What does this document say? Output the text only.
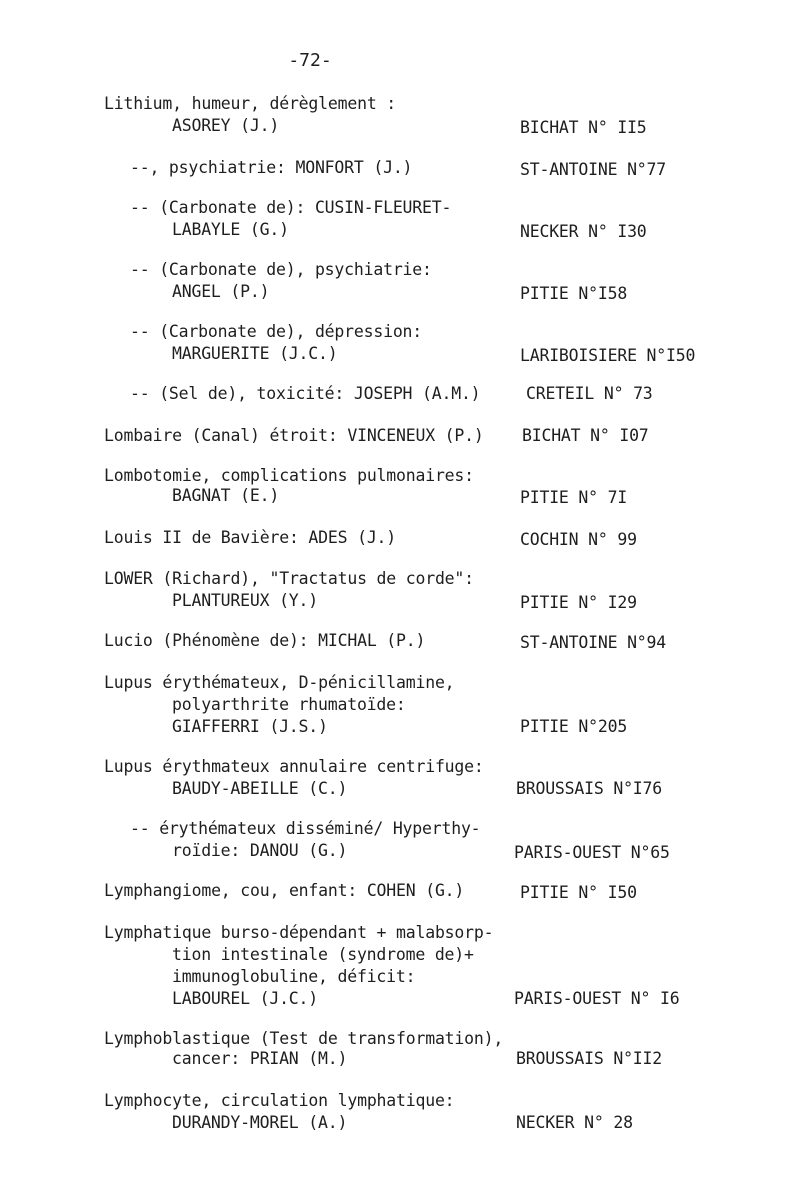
-72-
Lithium, humeur, dérèglement :
ASOREY (J.)	BICHAT N° II5
--, psychiatrie: MONFORT (J.)	ST-ANTOINE N°77
-- (Carbonate de): CUSIN-FLEURET-
LABAYLE (G.)	NECKER N° I30
-- (Carbonate de), psychiatrie:
ANGEL (P.)	PITIE N°I58
-- (Carbonate de), dépression:
MARGUERITE (J.C.)	LARIBOISIERE N°I50
-- (Sel de), toxicité: JOSEPH (A.M.)	CRETEIL N° 73
Lombaire (Canal) étroit: VINCENEUX (P.) BICHAT N° I07
Lombotomie, complications pulmonaires:
BAGNAT (E.)	PITIE N° 7I
Louis II de Bavière: ADES (J.)	COCHIN N° 99
LOWER (Richard), "Tractatus de corde":
PLANTUREUX (Y.)	PITIE N° I29
Lucio (Phénomène de): MICHAL (P.)	ST-ANTOINE N°94
Lupus érythémateux, D-pénicillamine,
polyarthrite rhumatoïde:
GIAFFERRI (J.S.)	PITIE N°205
Lupus érythmateux annulaire centrifuge:
BAUDY-ABEILLE (C.)	BROUSSAIS N°I76
-- érythémateux disséminé/ Hyperthy-
roïdie: DANOU (G.)	PARIS-OUEST N°65
Lymphangiome, cou, enfant: COHEN (G.)	PITIE N° I50
Lymphatique burso-dépendant + malabsorp-
tion intestinale (syndrome de)+
immunoglobuline, déficit:
LABOUREL (J.C.)	PARIS-OUEST N° I6
Lymphoblastique (Test de transformation),
cancer: PRIAN (M.)	BROUSSAIS N°II2
Lymphocyte, circulation lymphatique:
DURANDY-MOREL (A.)	NECKER N° 28
